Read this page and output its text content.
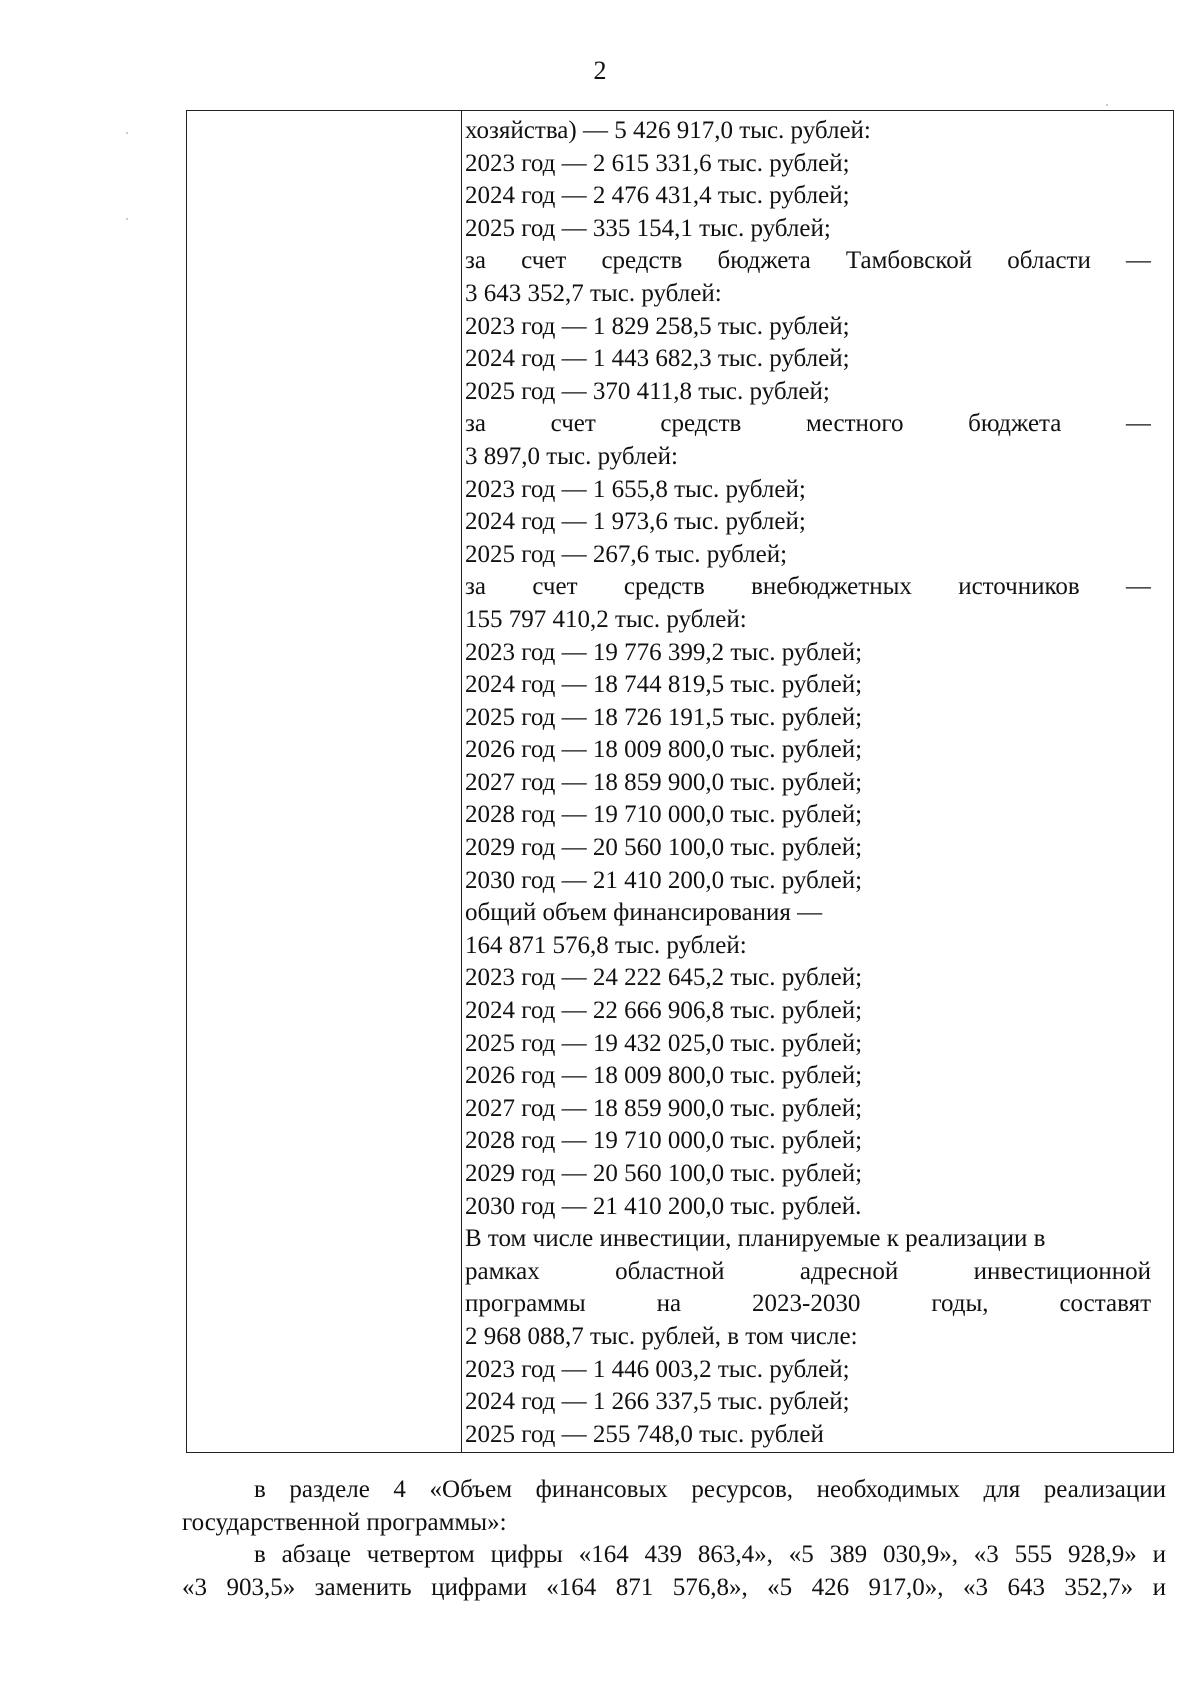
2
хозяйства) — 5 426 917,0 тыс. рублей:
2023 год — 2 615 331,6 тыс. рублей;
2024 год — 2 476 431,4 тыс. рублей;
2025 год — 335 154,1 тыс. рублей;
за счет средств бюджета Тамбовской области —
3 643 352,7 тыс. рублей:
2023 год — 1 829 258,5 тыс. рублей;
2024 год — 1 443 682,3 тыс. рублей;
2025 год — 370 411,8 тыс. рублей;
за счет средств местного бюджета —
3 897,0 тыс. рублей:
2023 год — 1 655,8 тыс. рублей;
2024 год — 1 973,6 тыс. рублей;
2025 год — 267,6 тыс. рублей;
за счет средств внебюджетных источников —
155 797 410,2 тыс. рублей:
2023 год — 19 776 399,2 тыс. рублей;
2024 год — 18 744 819,5 тыс. рублей;
2025 год — 18 726 191,5 тыс. рублей;
2026 год — 18 009 800,0 тыс. рублей;
2027 год — 18 859 900,0 тыс. рублей;
2028 год — 19 710 000,0 тыс. рублей;
2029 год — 20 560 100,0 тыс. рублей;
2030 год — 21 410 200,0 тыс. рублей;
общий объем финансирования —
164 871 576,8 тыс. рублей:
2023 год — 24 222 645,2 тыс. рублей;
2024 год — 22 666 906,8 тыс. рублей;
2025 год — 19 432 025,0 тыс. рублей;
2026 год — 18 009 800,0 тыс. рублей;
2027 год — 18 859 900,0 тыс. рублей;
2028 год — 19 710 000,0 тыс. рублей;
2029 год — 20 560 100,0 тыс. рублей;
2030 год — 21 410 200,0 тыс. рублей.
В том числе инвестиции, планируемые к реализации в
рамках областной адресной инвестиционной
программы на 2023-2030 годы, составят
2 968 088,7 тыс. рублей, в том числе:
2023 год — 1 446 003,2 тыс. рублей;
2024 год — 1 266 337,5 тыс. рублей;
2025 год — 255 748,0 тыс. рублей
в разделе 4 «Объем финансовых ресурсов, необходимых для реализации
государственной программы»:
в абзаце четвертом цифры «164 439 863,4», «5 389 030,9», «3 555 928,9» и
«3 903,5» заменить цифрами «164 871 576,8», «5 426 917,0», «3 643 352,7» и
